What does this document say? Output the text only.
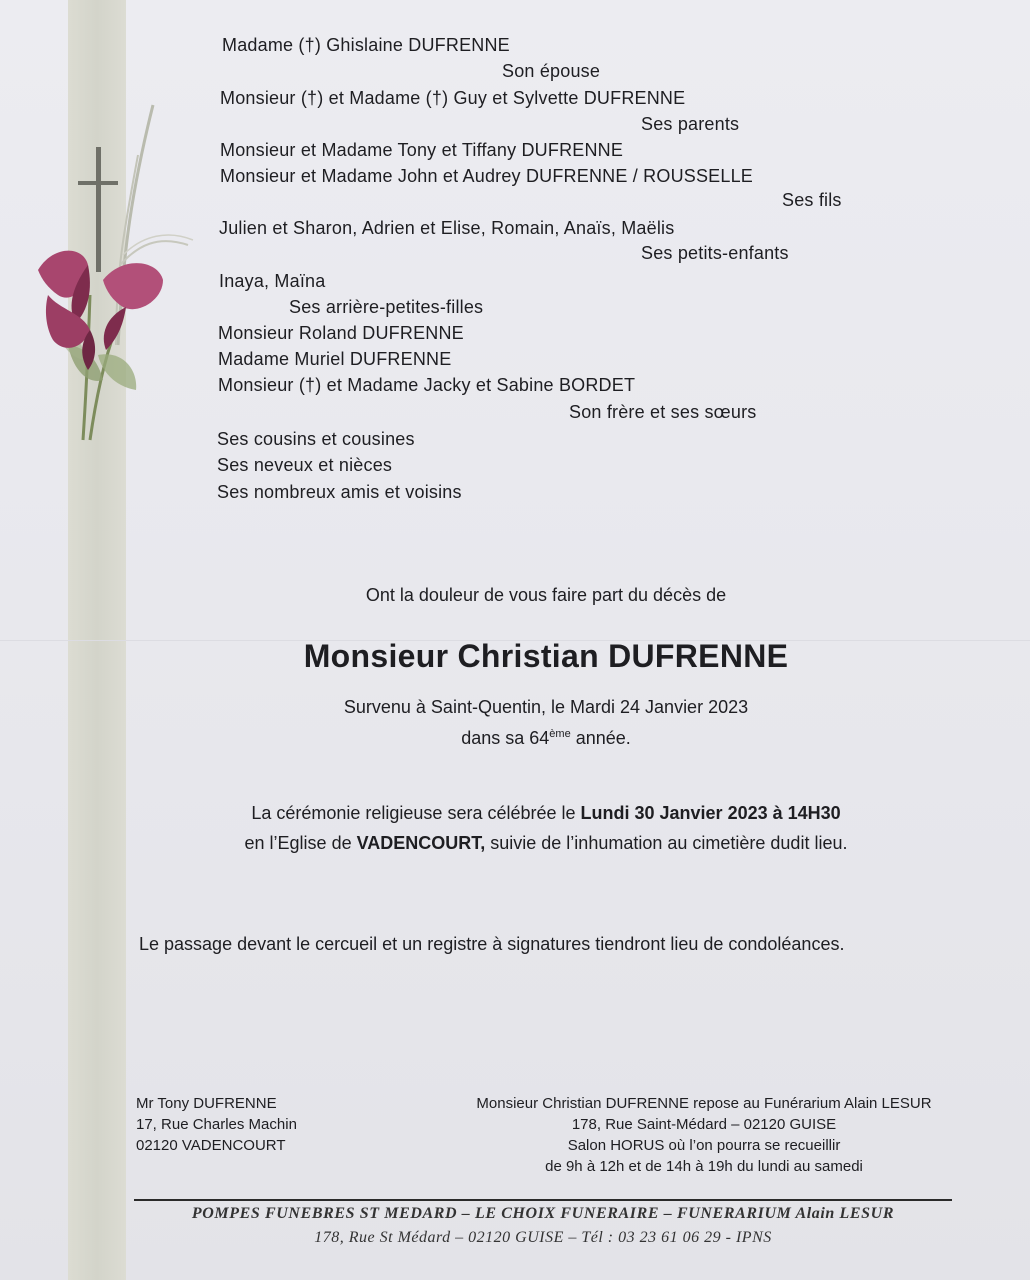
Madame (†) Ghislaine DUFRENNE
Son épouse
Monsieur (†) et Madame (†) Guy et Sylvette DUFRENNE
Ses parents
Monsieur et Madame Tony et Tiffany DUFRENNE
Monsieur et Madame John et Audrey DUFRENNE / ROUSSELLE
Ses fils
Julien et Sharon, Adrien et Elise, Romain, Anaïs, Maëlis
Ses petits-enfants
Inaya, Maïna
Ses arrière-petites-filles
Monsieur Roland DUFRENNE
Madame Muriel DUFRENNE
Monsieur (†) et Madame Jacky et Sabine BORDET
Son frère et ses sœurs
Ses cousins et cousines
Ses neveux et nièces
Ses nombreux amis et voisins
Ont la douleur de vous faire part du décès de
Monsieur Christian DUFRENNE
Survenu à Saint-Quentin, le Mardi 24 Janvier 2023
dans sa 64ème année.
La cérémonie religieuse sera célébrée le Lundi 30 Janvier 2023 à 14H30
en l’Eglise de VADENCOURT, suivie de l’inhumation au cimetière dudit lieu.
Le passage devant le cercueil et un registre à signatures tiendront lieu de condoléances.
Mr Tony DUFRENNE
17, Rue Charles Machin
02120 VADENCOURT
Monsieur Christian DUFRENNE repose au Funérarium Alain LESUR
178, Rue Saint-Médard – 02120 GUISE
Salon HORUS où l’on pourra se recueillir
de 9h à 12h et de 14h à 19h du lundi au samedi
POMPES FUNEBRES ST MEDARD – LE CHOIX FUNERAIRE – FUNERARIUM Alain LESUR
178, Rue St Médard – 02120 GUISE – Tél : 03 23 61 06 29 - IPNS
